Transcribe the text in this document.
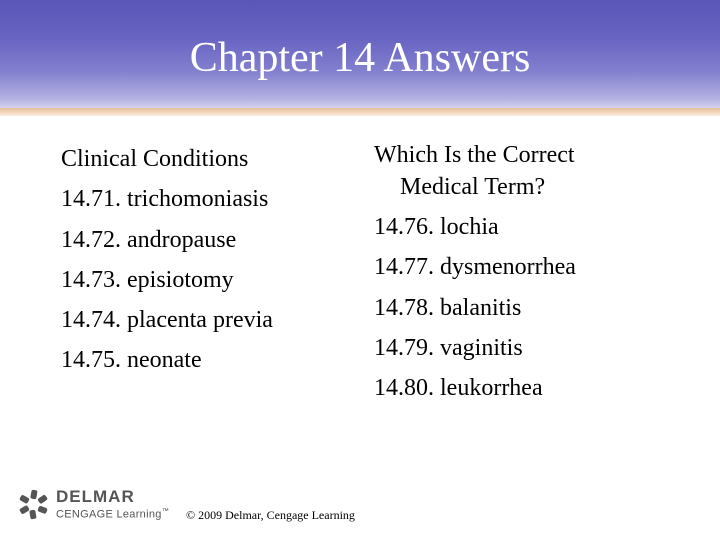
Chapter 14 Answers
Clinical Conditions
14.71. trichomoniasis
14.72. andropause
14.73. episiotomy
14.74. placenta previa
14.75. neonate
Which Is the Correct
Medical Term?
14.76. lochia
14.77. dysmenorrhea
14.78. balanitis
14.79. vaginitis
14.80. leukorrhea
DELMAR
CENGAGE Learning™ © 2009 Delmar, Cengage Learning
